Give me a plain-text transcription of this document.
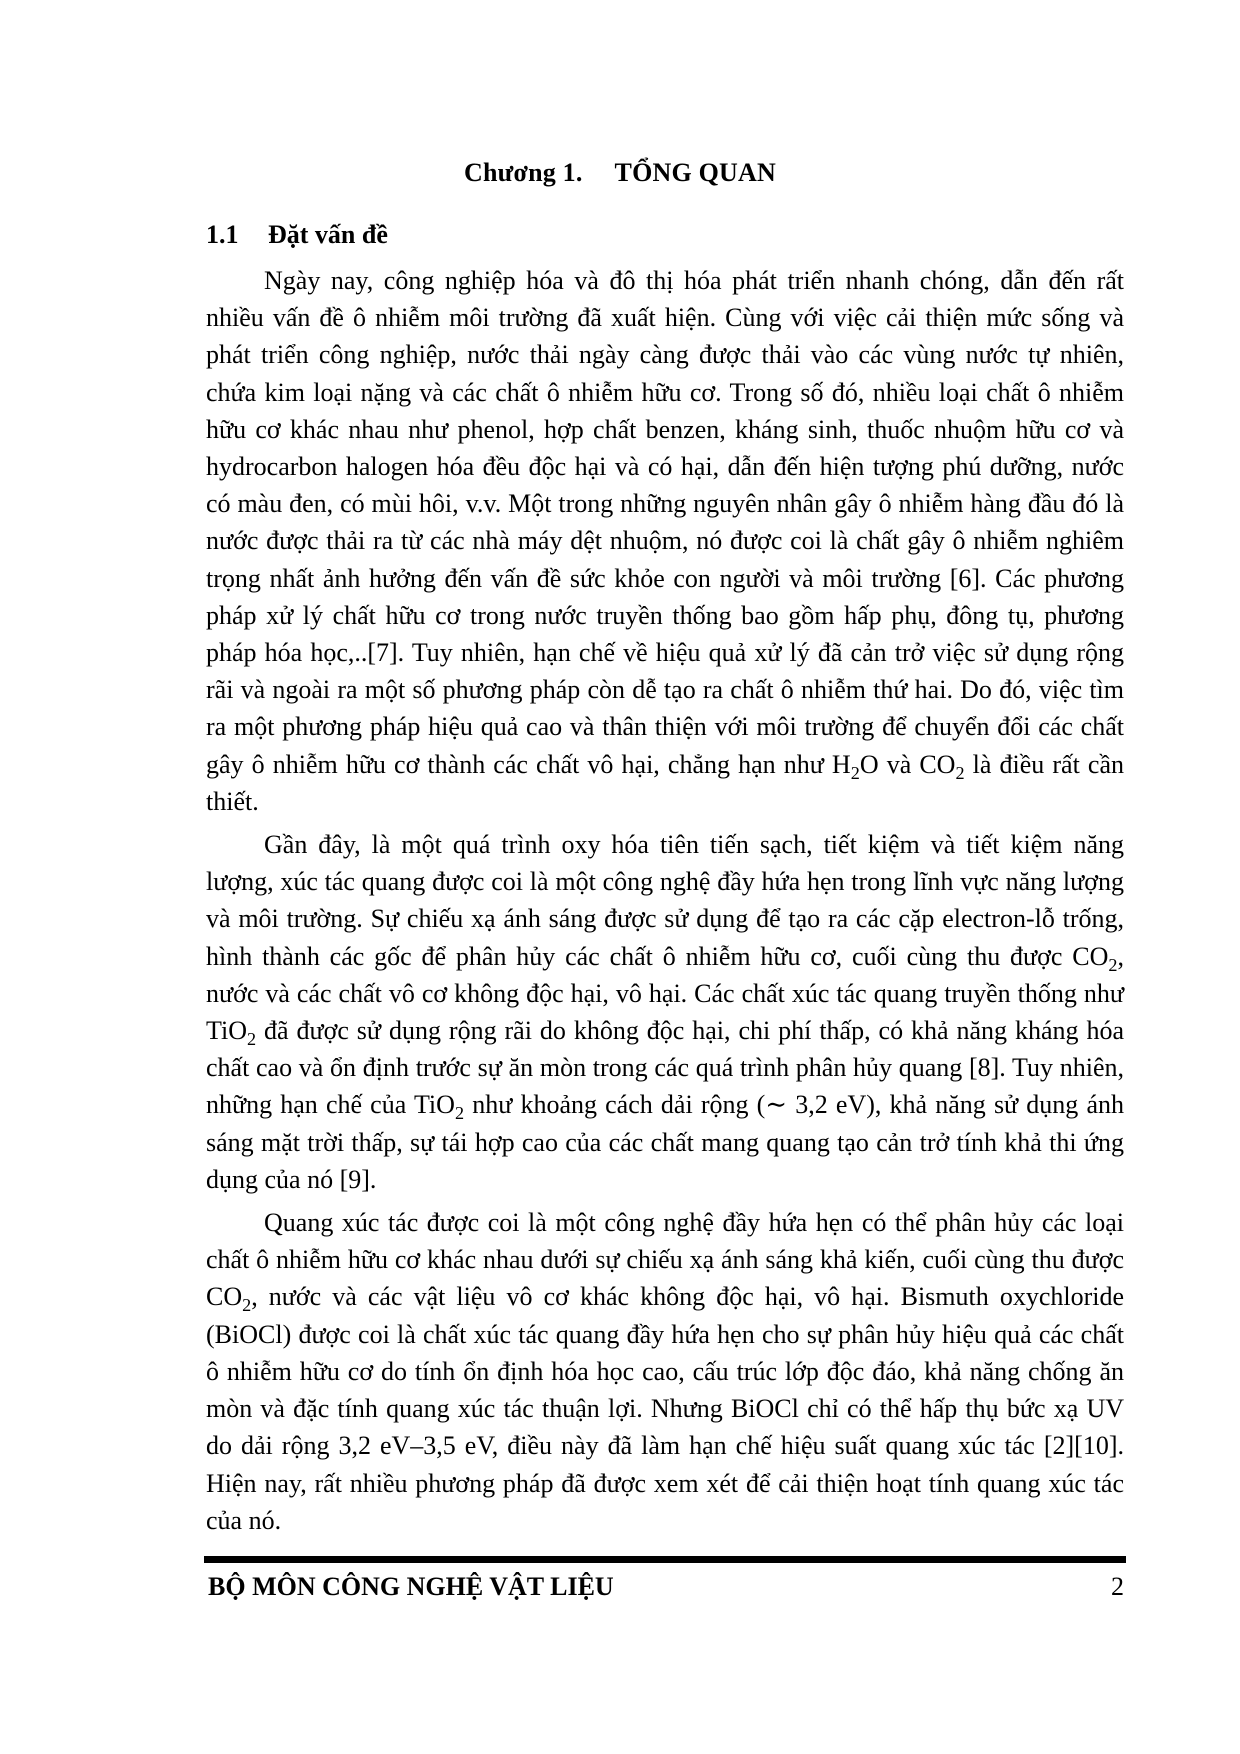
Chương 1. TỔNG QUAN
1.1 Đặt vấn đề

Ngày nay, công nghiệp hóa và đô thị hóa phát triển nhanh chóng, dẫn đến rất nhiều vấn đề ô nhiễm môi trường đã xuất hiện. Cùng với việc cải thiện mức sống và phát triển công nghiệp, nước thải ngày càng được thải vào các vùng nước tự nhiên, chứa kim loại nặng và các chất ô nhiễm hữu cơ. Trong số đó, nhiều loại chất ô nhiễm hữu cơ khác nhau như phenol, hợp chất benzen, kháng sinh, thuốc nhuộm hữu cơ và hydrocarbon halogen hóa đều độc hại và có hại, dẫn đến hiện tượng phú dưỡng, nước có màu đen, có mùi hôi, v.v. Một trong những nguyên nhân gây ô nhiễm hàng đầu đó là nước được thải ra từ các nhà máy dệt nhuộm, nó được coi là chất gây ô nhiễm nghiêm trọng nhất ảnh hưởng đến vấn đề sức khỏe con người và môi trường [6]. Các phương pháp xử lý chất hữu cơ trong nước truyền thống bao gồm hấp phụ, đông tụ, phương pháp hóa học,..[7]. Tuy nhiên, hạn chế về hiệu quả xử lý đã cản trở việc sử dụng rộng rãi và ngoài ra một số phương pháp còn dễ tạo ra chất ô nhiễm thứ hai. Do đó, việc tìm ra một phương pháp hiệu quả cao và thân thiện với môi trường để chuyển đổi các chất gây ô nhiễm hữu cơ thành các chất vô hại, chẳng hạn như $H_2O$ và $CO_2$ là điều rất cần thiết.

Gần đây, là một quá trình oxy hóa tiên tiến sạch, tiết kiệm và tiết kiệm năng lượng, xúc tác quang được coi là một công nghệ đầy hứa hẹn trong lĩnh vực năng lượng và môi trường. Sự chiếu xạ ánh sáng được sử dụng để tạo ra các cặp electron-lỗ trống, hình thành các gốc để phân hủy các chất ô nhiễm hữu cơ, cuối cùng thu được $CO_2$, nước và các chất vô cơ không độc hại, vô hại. Các chất xúc tác quang truyền thống như TiO$_2$ đã được sử dụng rộng rãi do không độc hại, chi phí thấp, có khả năng kháng hóa chất cao và ổn định trước sự ăn mòn trong các quá trình phân hủy quang [8]. Tuy nhiên, những hạn chế của TiO$_2$ như khoảng cách dải rộng (∼ 3,2 eV), khả năng sử dụng ánh sáng mặt trời thấp, sự tái hợp cao của các chất mang quang tạo cản trở tính khả thi ứng dụng của nó [9].

Quang xúc tác được coi là một công nghệ đầy hứa hẹn có thể phân hủy các loại chất ô nhiễm hữu cơ khác nhau dưới sự chiếu xạ ánh sáng khả kiến, cuối cùng thu được $CO_2$, nước và các vật liệu vô cơ khác không độc hại, vô hại. Bismuth oxychloride (BiOCl) được coi là chất xúc tác quang đầy hứa hẹn cho sự phân hủy hiệu quả các chất ô nhiễm hữu cơ do tính ổn định hóa học cao, cấu trúc lớp độc đáo, khả năng chống ăn mòn và đặc tính quang xúc tác thuận lợi. Nhưng BiOCl chỉ có thể hấp thụ bức xạ UV do dải rộng 3,2 eV–3,5 eV, điều này đã làm hạn chế hiệu suất quang xúc tác [2][10]. Hiện nay, rất nhiều phương pháp đã được xem xét để cải thiện hoạt tính quang xúc tác của nó.

BỘ MÔN CÔNG NGHỆ VẬT LIỆU	2
